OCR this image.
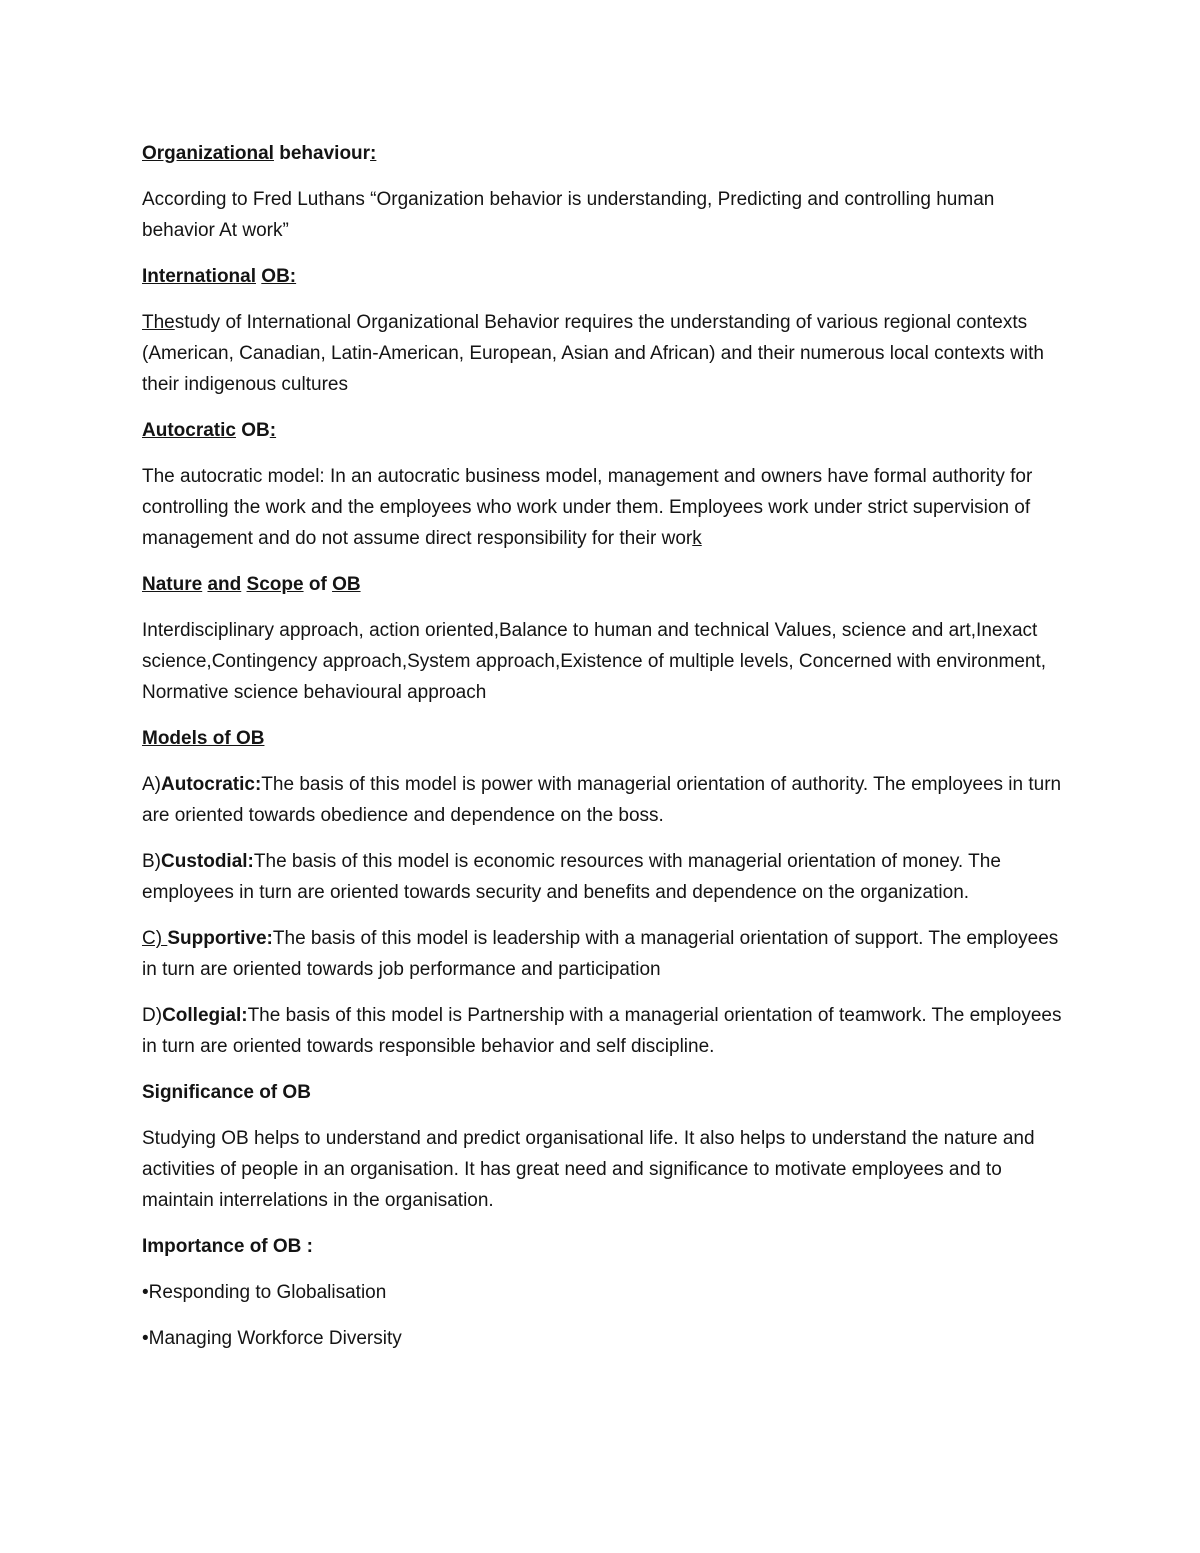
Organizational behaviour:

According to Fred Luthans “Organization behavior is understanding, Predicting and controlling human behavior At work”

International OB:

Thestudy of International Organizational Behavior requires the understanding of various regional contexts (American, Canadian, Latin-American, European, Asian and African) and their numerous local contexts with their indigenous cultures

Autocratic OB:

The autocratic model: In an autocratic business model, management and owners have formal authority for controlling the work and the employees who work under them. Employees work under strict supervision of management and do not assume direct responsibility for their work

Nature and Scope of OB

Interdisciplinary approach, action oriented,Balance to human and technical Values, science and art,Inexact science,Contingency approach,System approach,Existence of multiple levels, Concerned with environment, Normative science behavioural approach

Models of OB

A)Autocratic:The basis of this model is power with managerial orientation of authority. The employees in turn are oriented towards obedience and dependence on the boss.

B)Custodial:The basis of this model is economic resources with managerial orientation of money. The employees in turn are oriented towards security and benefits and dependence on the organization.

C) Supportive:The basis of this model is leadership with a managerial orientation of support. The employees in turn are oriented towards job performance and participation

D)Collegial:The basis of this model is Partnership with a managerial orientation of teamwork. The employees in turn are oriented towards responsible behavior and self discipline.

Significance of OB

Studying OB helps to understand and predict organisational life. It also helps to understand the nature and activities of people in an organisation. It has great need and significance to motivate employees and to maintain interrelations in the organisation.

Importance of OB :

•Responding to Globalisation

•Managing Workforce Diversity
